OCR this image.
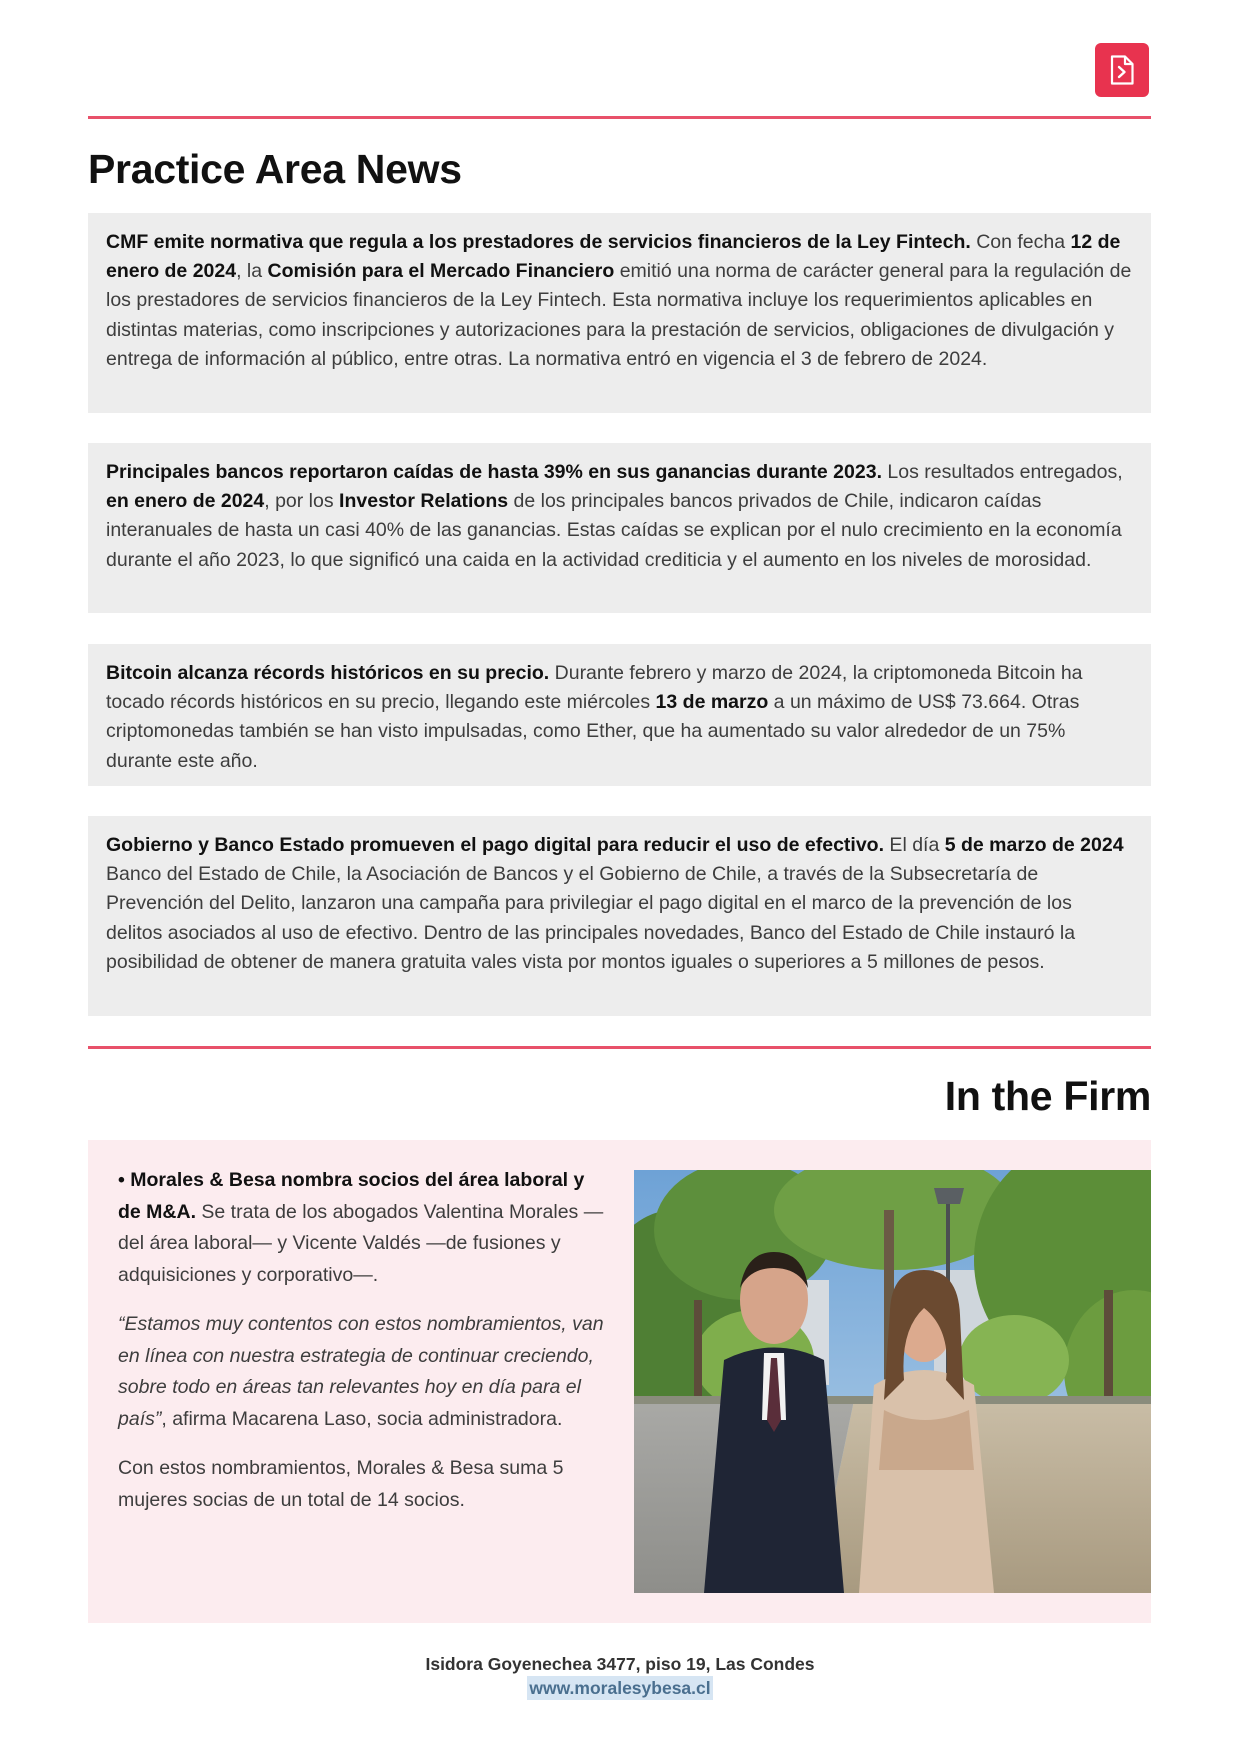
Practice Area News

CMF emite normativa que regula a los prestadores de servicios financieros de la Ley Fintech. Con fecha 12 de enero de 2024, la Comisión para el Mercado Financiero emitió una norma de carácter general para la regulación de los prestadores de servicios financieros de la Ley Fintech. Esta normativa incluye los requerimientos aplicables en distintas materias, como inscripciones y autorizaciones para la prestación de servicios, obligaciones de divulgación y entrega de información al público, entre otras. La normativa entró en vigencia el 3 de febrero de 2024.

Principales bancos reportaron caídas de hasta 39% en sus ganancias durante 2023. Los resultados entregados, en enero de 2024, por los Investor Relations de los principales bancos privados de Chile, indicaron caídas interanuales de hasta un casi 40% de las ganancias. Estas caídas se explican por el nulo crecimiento en la economía durante el año 2023, lo que significó una caida en la actividad crediticia y el aumento en los niveles de morosidad.

Bitcoin alcanza récords históricos en su precio. Durante febrero y marzo de 2024, la criptomoneda Bitcoin ha tocado récords históricos en su precio, llegando este miércoles 13 de marzo a un máximo de US$ 73.664. Otras criptomonedas también se han visto impulsadas, como Ether, que ha aumentado su valor alrededor de un 75% durante este año.

Gobierno y Banco Estado promueven el pago digital para reducir el uso de efectivo. El día 5 de marzo de 2024 Banco del Estado de Chile, la Asociación de Bancos y el Gobierno de Chile, a través de la Subsecretaría de Prevención del Delito, lanzaron una campaña para privilegiar el pago digital en el marco de la prevención de los delitos asociados al uso de efectivo. Dentro de las principales novedades, Banco del Estado de Chile instauró la posibilidad de obtener de manera gratuita vales vista por montos iguales o superiores a 5 millones de pesos.

In the Firm

• Morales & Besa nombra socios del área laboral y de M&A. Se trata de los abogados Valentina Morales —del área laboral— y Vicente Valdés —de fusiones y adquisiciones y corporativo—.

“Estamos muy contentos con estos nombramientos, van en línea con nuestra estrategia de continuar creciendo, sobre todo en áreas tan relevantes hoy en día para el país”, afirma Macarena Laso, socia administradora.

Con estos nombramientos, Morales & Besa suma 5 mujeres socias de un total de 14 socios.

Isidora Goyenechea 3477, piso 19, Las Condes
www.moralesybesa.cl
